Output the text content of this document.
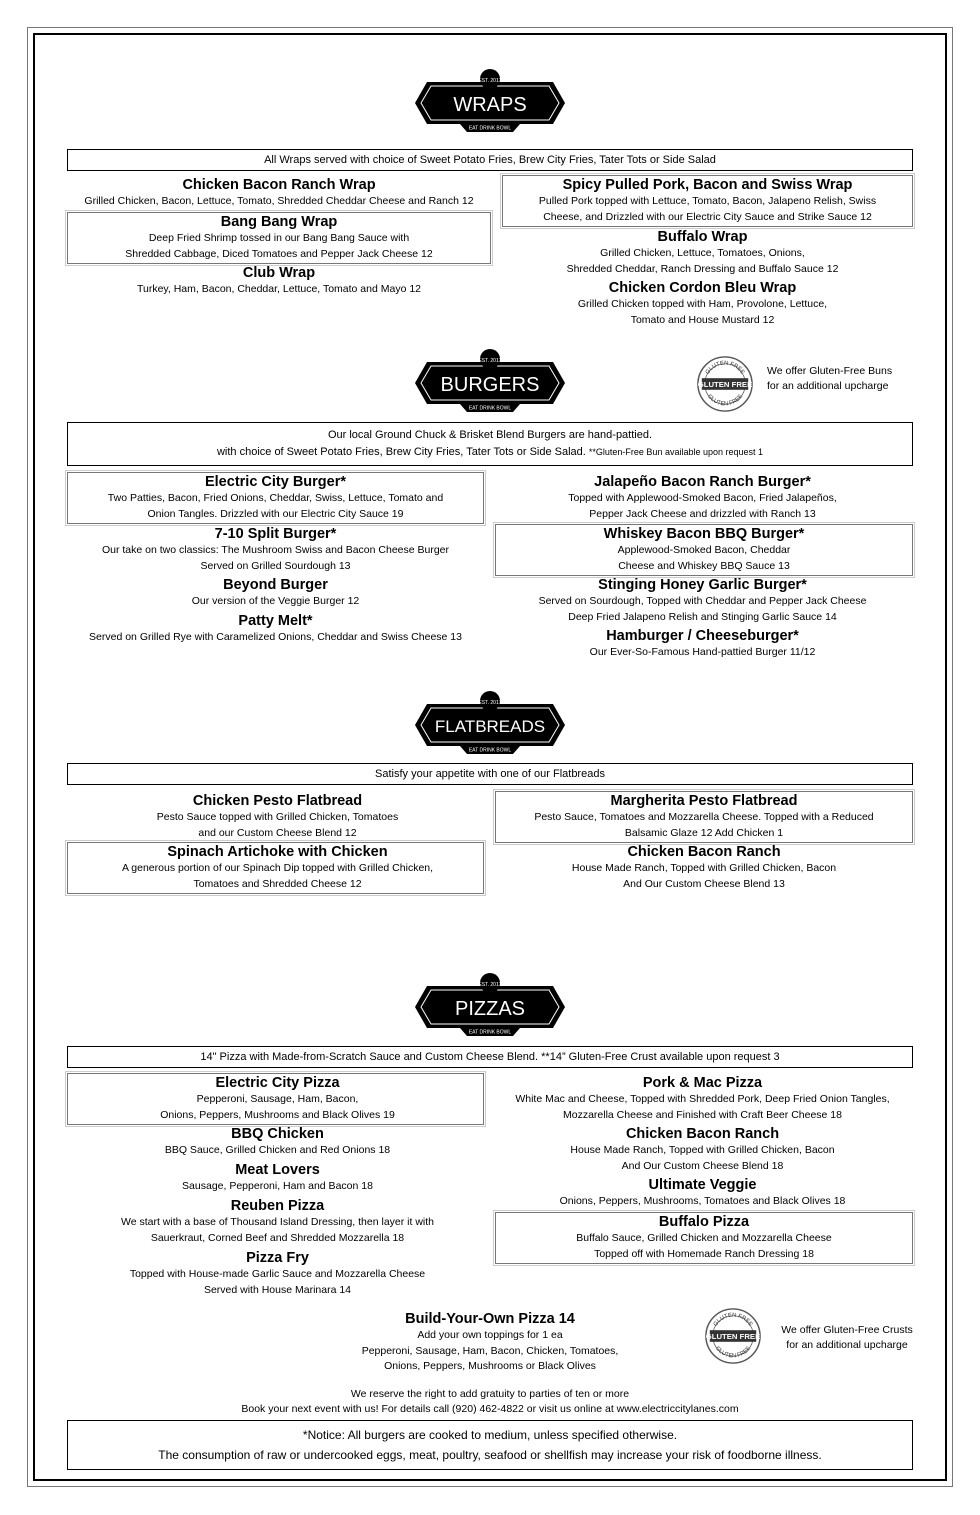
EST. 2017
WRAPS
EAT DRINK BOWL
All Wraps served with choice of Sweet Potato Fries, Brew City Fries, Tater Tots or Side Salad
Chicken Bacon Ranch Wrap
Grilled Chicken, Bacon, Lettuce, Tomato, Shredded Cheddar Cheese and Ranch 12
Bang Bang Wrap
Deep Fried Shrimp tossed in our Bang Bang Sauce with
Shredded Cabbage, Diced Tomatoes and Pepper Jack Cheese 12
Club Wrap
Turkey, Ham, Bacon, Cheddar, Lettuce, Tomato and Mayo 12
Spicy Pulled Pork, Bacon and Swiss Wrap
Pulled Pork topped with Lettuce, Tomato, Bacon, Jalapeno Relish, Swiss
Cheese, and Drizzled with our Electric City Sauce and Strike Sauce 12
Buffalo Wrap
Grilled Chicken, Lettuce, Tomatoes, Onions,
Shredded Cheddar, Ranch Dressing and Buffalo Sauce 12
Chicken Cordon Bleu Wrap
Grilled Chicken topped with Ham, Provolone, Lettuce,
Tomato and House Mustard 12
EST. 2017
BURGERS
EAT DRINK BOWL
GLUTEN FREE
GLUTEN FREE
GLUTEN FREE
We offer Gluten-Free Buns
for an additional upcharge
Our local Ground Chuck & Brisket Blend Burgers are hand-pattied.
with choice of Sweet Potato Fries, Brew City Fries, Tater Tots or Side Salad. **Gluten-Free Bun available upon request 1
Electric City Burger*
Two Patties, Bacon, Fried Onions, Cheddar, Swiss, Lettuce, Tomato and
Onion Tangles. Drizzled with our Electric City Sauce 19
7-10 Split Burger*
Our take on two classics: The Mushroom Swiss and Bacon Cheese Burger
Served on Grilled Sourdough 13
Beyond Burger
Our version of the Veggie Burger 12
Patty Melt*
Served on Grilled Rye with Caramelized Onions, Cheddar and Swiss Cheese 13
Jalapeño Bacon Ranch Burger*
Topped with Applewood-Smoked Bacon, Fried Jalapeños,
Pepper Jack Cheese and drizzled with Ranch 13
Whiskey Bacon BBQ Burger*
Applewood-Smoked Bacon, Cheddar
Cheese and Whiskey BBQ Sauce 13
Stinging Honey Garlic Burger*
Served on Sourdough, Topped with Cheddar and Pepper Jack Cheese
Deep Fried Jalapeno Relish and Stinging Garlic Sauce 14
Hamburger / Cheeseburger*
Our Ever-So-Famous Hand-pattied Burger 11/12
EST. 2017
FLATBREADS
EAT DRINK BOWL
Satisfy your appetite with one of our Flatbreads
Chicken Pesto Flatbread
Pesto Sauce topped with Grilled Chicken, Tomatoes
and our Custom Cheese Blend 12
Spinach Artichoke with Chicken
A generous portion of our Spinach Dip topped with Grilled Chicken,
Tomatoes and Shredded Cheese 12
Margherita Pesto Flatbread
Pesto Sauce, Tomatoes and Mozzarella Cheese. Topped with a Reduced
Balsamic Glaze 12 Add Chicken 1
Chicken Bacon Ranch
House Made Ranch, Topped with Grilled Chicken, Bacon
And Our Custom Cheese Blend 13
EST. 2017
PIZZAS
EAT DRINK BOWL
14" Pizza with Made-from-Scratch Sauce and Custom Cheese Blend. **14” Gluten-Free Crust available upon request 3
Electric City Pizza
Pepperoni, Sausage, Ham, Bacon,
Onions, Peppers, Mushrooms and Black Olives 19
BBQ Chicken
BBQ Sauce, Grilled Chicken and Red Onions 18
Meat Lovers
Sausage, Pepperoni, Ham and Bacon 18
Reuben Pizza
We start with a base of Thousand Island Dressing, then layer it with
Sauerkraut, Corned Beef and Shredded Mozzarella 18
Pizza Fry
Topped with House-made Garlic Sauce and Mozzarella Cheese
Served with House Marinara 14
Pork & Mac Pizza
White Mac and Cheese, Topped with Shredded Pork, Deep Fried Onion Tangles,
Mozzarella Cheese and Finished with Craft Beer Cheese 18
Chicken Bacon Ranch
House Made Ranch, Topped with Grilled Chicken, Bacon
And Our Custom Cheese Blend 18
Ultimate Veggie
Onions, Peppers, Mushrooms, Tomatoes and Black Olives 18
Buffalo Pizza
Buffalo Sauce, Grilled Chicken and Mozzarella Cheese
Topped off with Homemade Ranch Dressing 18
Build-Your-Own Pizza 14
Add your own toppings for 1 ea
Pepperoni, Sausage, Ham, Bacon, Chicken, Tomatoes,
Onions, Peppers, Mushrooms or Black Olives
GLUTEN FREE
GLUTEN FREE
GLUTEN FREE
We offer Gluten-Free Crusts
for an additional upcharge
We reserve the right to add gratuity to parties of ten or more
Book your next event with us! For details call (920) 462-4822 or visit us online at www.electriccitylanes.com
*Notice: All burgers are cooked to medium, unless specified otherwise.
The consumption of raw or undercooked eggs, meat, poultry, seafood or shellfish may increase your risk of foodborne illness.
